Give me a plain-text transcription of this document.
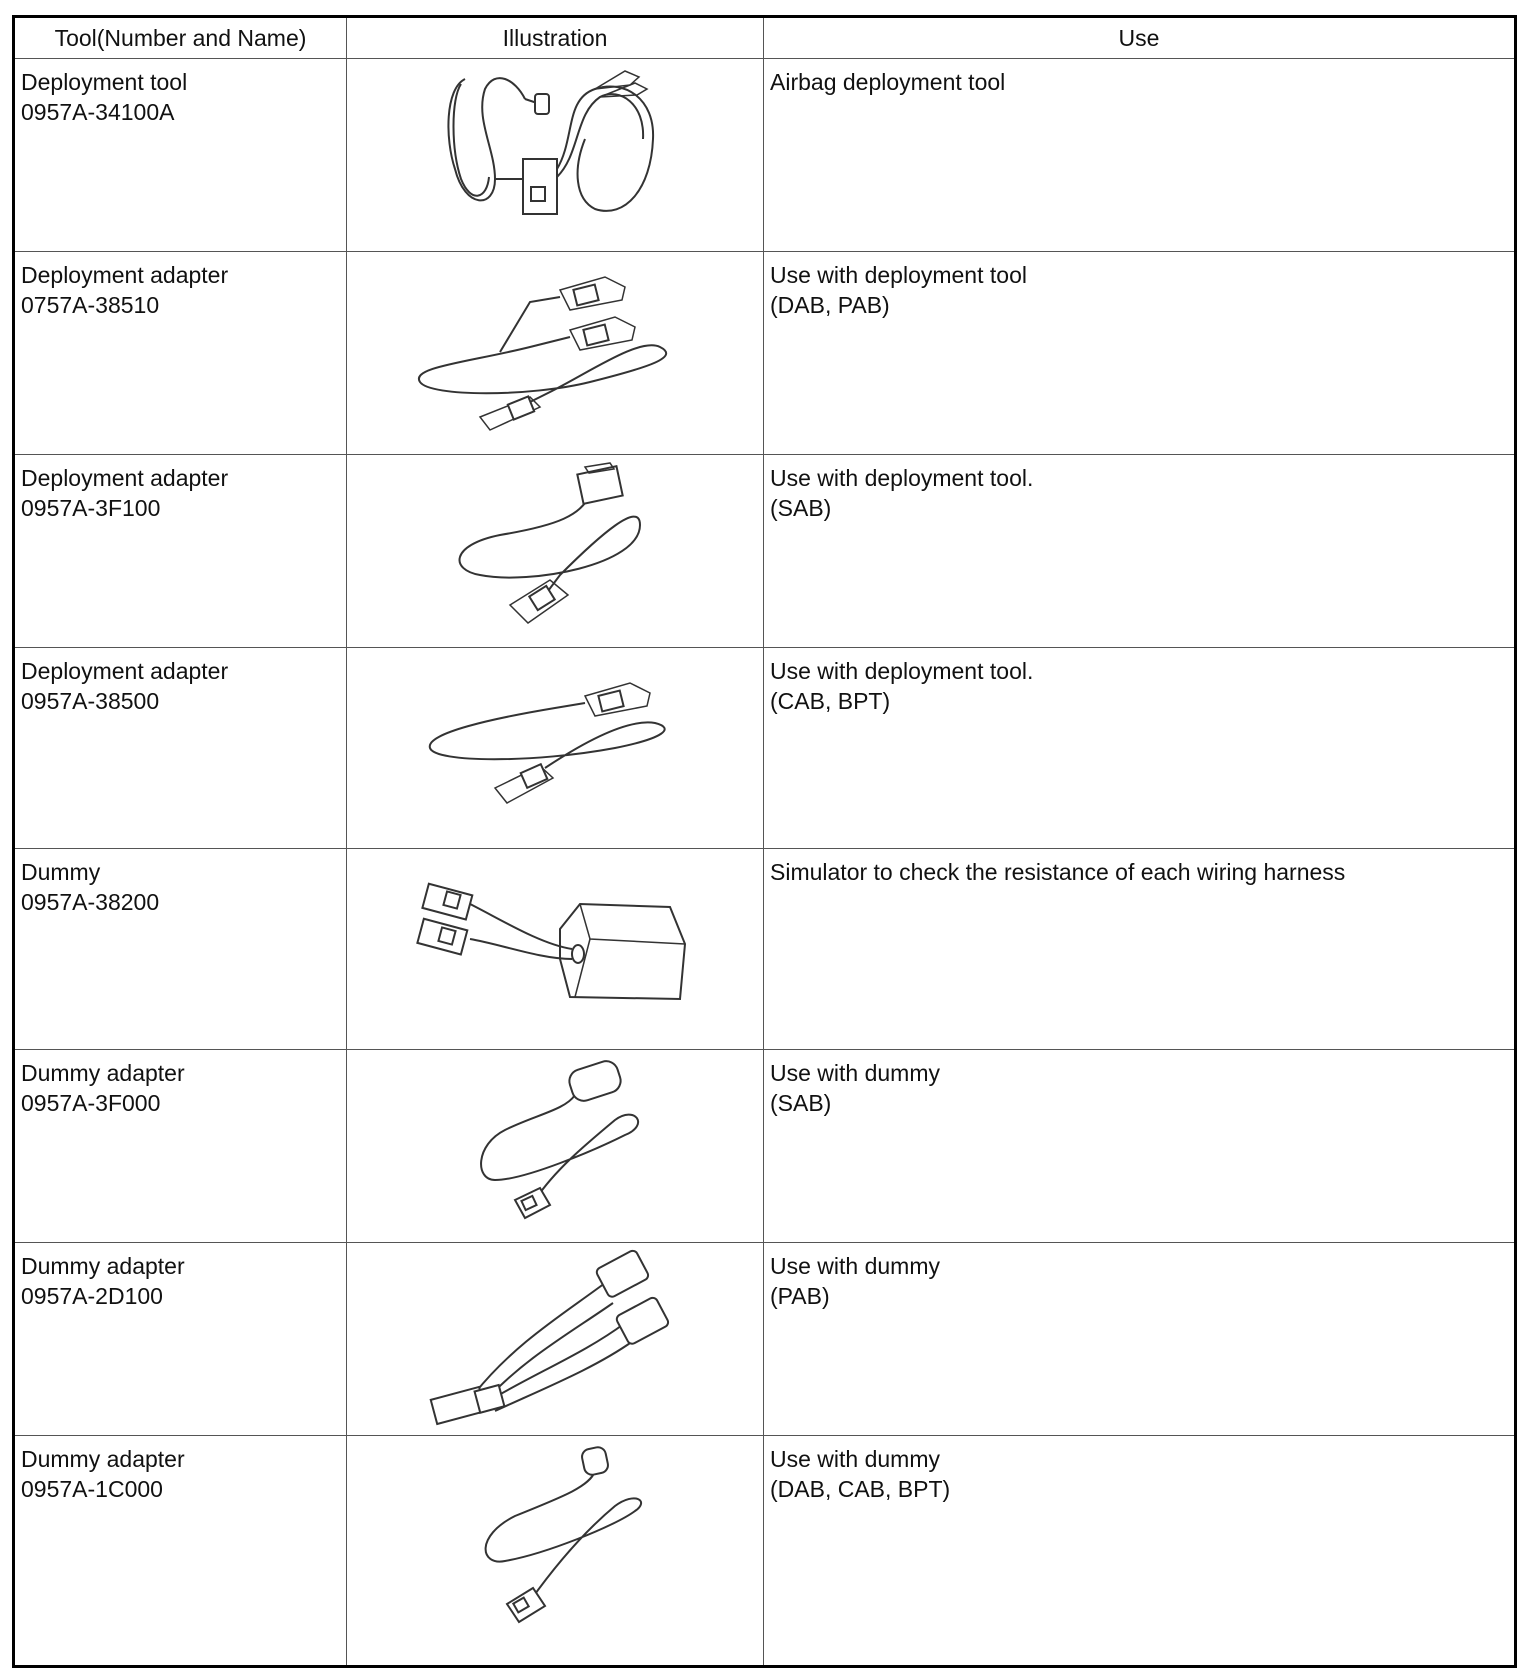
Tool(Number and Name)	Illustration	Use

Deployment tool
0957A-34100A		Airbag deployment tool

Deployment adapter
0757A-38510		Use with deployment tool
(DAB, PAB)

Deployment adapter
0957A-3F100		Use with deployment tool.
(SAB)

Deployment adapter
0957A-38500		Use with deployment tool.
(CAB, BPT)

Dummy
0957A-38200		Simulator to check the resistance of each wiring harness

Dummy adapter
0957A-3F000		Use with dummy
(SAB)

Dummy adapter
0957A-2D100		Use with dummy
(PAB)

Dummy adapter
0957A-1C000		Use with dummy
(DAB, CAB, BPT)
